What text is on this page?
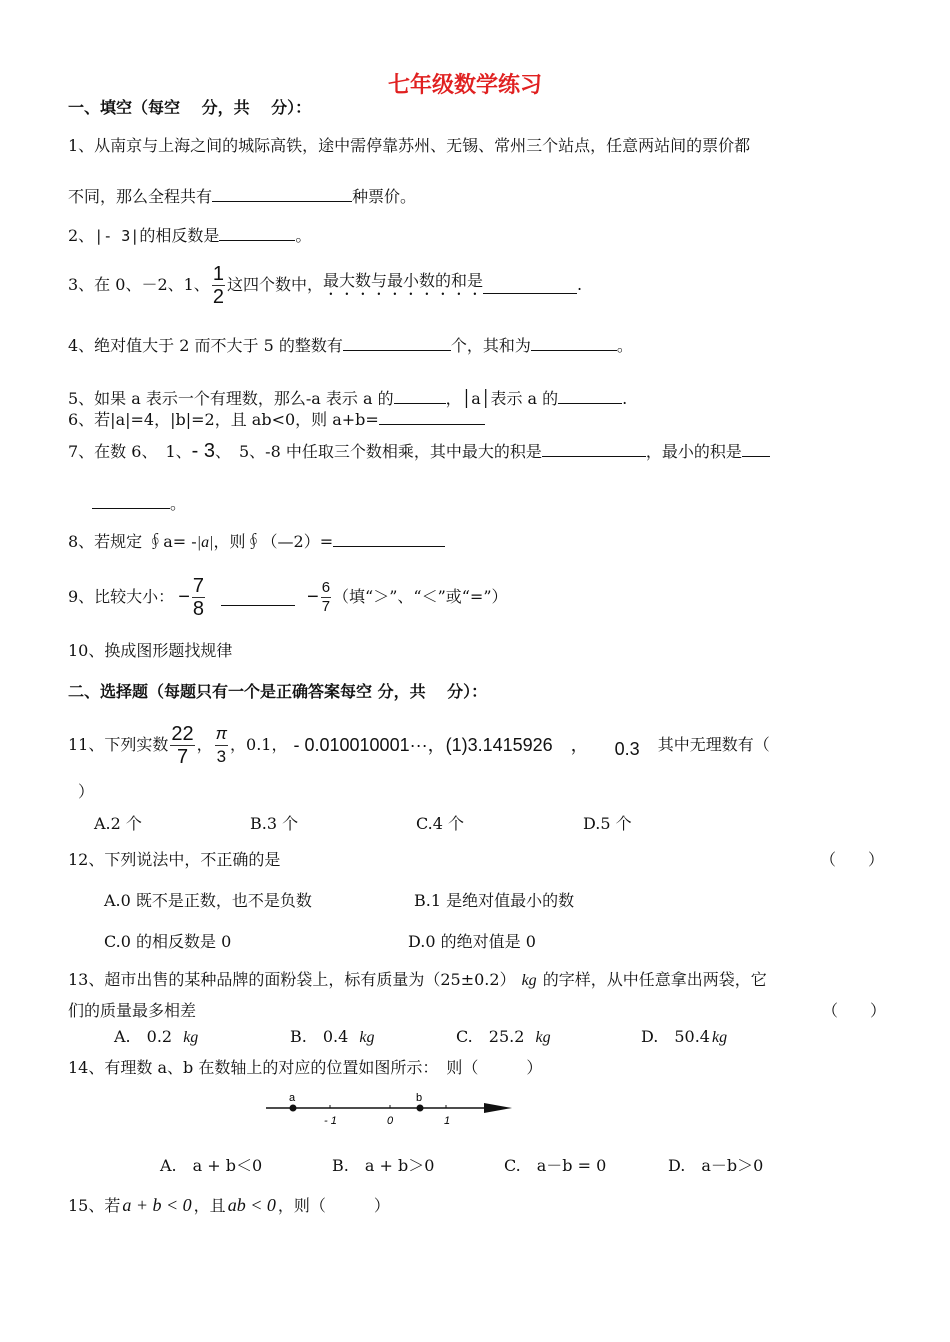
七年级数学练习
一、填空（每空　 分，共　 分）：
1、从南京与上海之间的城际高铁，途中需停靠苏州、无锡、常州三个站点，任意两站间的票价都
不同，那么全程共有	种票价。
2、|- 3|的相反数是	。
3、在 0、－2、1、 $\frac{1}{2}$ 这四个数中， 最大数与最小数的和是	.
4、绝对值大于 2 而不大于 5 的整数有	个，其和为	。
5、如果 a 表示一个有理数，那么-a 表示 a 的	，│a│表示 a 的	.
6、若|a|=4，|b|=2，且 ab<0，则 a+b=
7、在数 6、　1、- 3、　5、-8 中任取三个数相乘，其中最大的积是	，最小的积是
。
8、若规定 ∮a= -|a|，则∮（—2）=
9、比较大小： − $\frac{7}{8}$	− $\frac{6}{7}$ （填“＞”、“＜”或“=”）
10、换成图形题找规律
二、选择题（每题只有一个是正确答案每空 分，共　 分）：
11、下列实数 $\frac{22}{7}$ ， $\frac{\pi}{3}$ ，0.1， - 0.010010001···，(1)3.1415926　， 0.3 其中无理数有（
）
A.2 个	B.3 个	C.4 个	D.5 个
12、下列说法中，不正确的是	（　　）
A.0 既不是正数，也不是负数	B.1 是绝对值最小的数
C.0 的相反数是 0	D.0 的绝对值是 0
13、超市出售的某种品牌的面粉袋上，标有质量为（25±0.2） kg 的字样，从中任意拿出两袋，它
们的质量最多相差	（　　）
A.　0.2 kg	B.　0.4 kg	C.　25.2 kg	D.　50.4 kg
14、有理数 a、b 在数轴上的对应的位置如图所示：　则（　　　）
a	b
- 1	0	1
A.　a + b＜0	B.　a + b＞0	C.　a－b = 0	D.　a－b＞0
15、若 a + b < 0 ，且 ab < 0 ，则（　　　）
